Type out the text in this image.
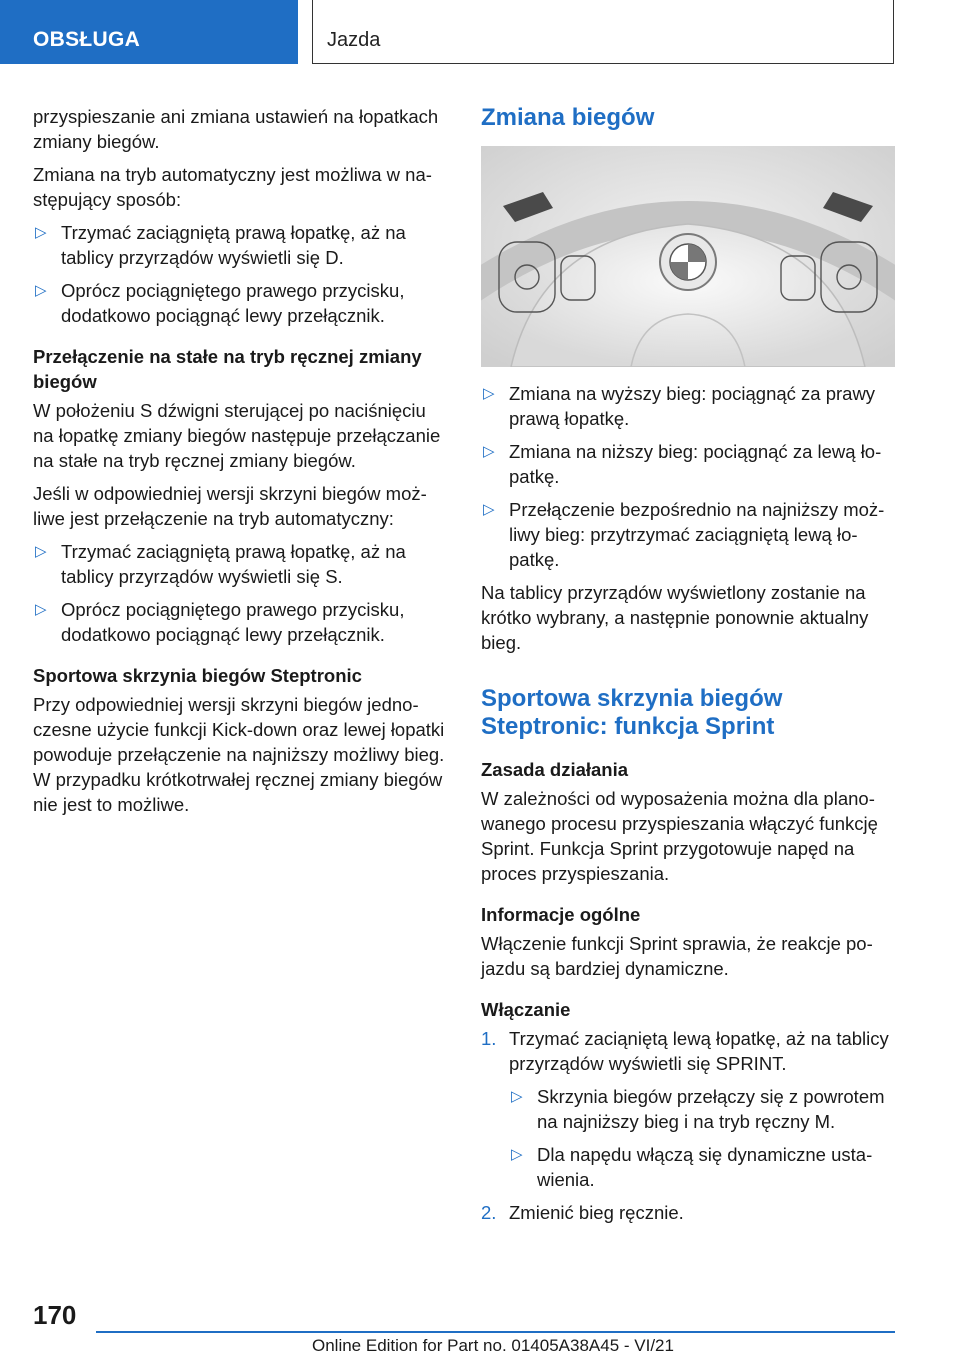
OBSŁUGA	Jazda

przyspieszanie ani zmiana ustawień na łopatkach zmiany biegów.

Zmiana na tryb automatyczny jest możliwa w następujący sposób:

▷ Trzymać zaciągniętą prawą łopatkę, aż na tablicy przyrządów wyświetli się D.
▷ Oprócz pociągniętego prawego przycisku, dodatkowo pociągnąć lewy przełącznik.
Przełączenie na stałe na tryb ręcznej zmiany biegów

W położeniu S dźwigni sterującej po naciśnięciu na łopatkę zmiany biegów następuje przełączanie na stałe na tryb ręcznej zmiany biegów.

Jeśli w odpowiedniej wersji skrzyni biegów możliwe jest przełączenie na tryb automatyczny:

▷ Trzymać zaciągniętą prawą łopatkę, aż na tablicy przyrządów wyświetli się S.
▷ Oprócz pociągniętego prawego przycisku, dodatkowo pociągnąć lewy przełącznik.
Sportowa skrzynia biegów Steptronic

Przy odpowiedniej wersji skrzyni biegów jednoczesne użycie funkcji Kick-down oraz lewej łopatki powoduje przełączenie na najniższy możliwy bieg. W przypadku krótkotrwałej ręcznej zmiany biegów nie jest to możliwe.

Zmiana biegów
▷ Zmiana na wyższy bieg: pociągnąć za prawy prawą łopatkę.
▷ Zmiana na niższy bieg: pociągnąć za lewą łopatkę.
▷ Przełączenie bezpośrednio na najniższy możliwy bieg: przytrzymać zaciągniętą lewą łopatkę.

Na tablicy przyrządów wyświetlony zostanie na krótko wybrany, a następnie ponownie aktualny bieg.

Sportowa skrzynia biegów Steptronic: funkcja Sprint
Zasada działania

W zależności od wyposażenia można dla planowanego procesu przyspieszania włączyć funkcję Sprint. Funkcja Sprint przygotowuje napęd na proces przyspieszania.

Informacje ogólne

Włączenie funkcji Sprint sprawia, że reakcje pojazdu są bardziej dynamiczne.

Włączanie
1. Trzymać zaciąniętą lewą łopatkę, aż na tablicy przyrządów wyświetli się SPRINT.
▷ Skrzynia biegów przełączy się z powrotem na najniższy bieg i na tryb ręczny M.
▷ Dla napędu włączą się dynamiczne ustawienia.
2. Zmienić bieg ręcznie.
170
Online Edition for Part no. 01405A38A45 - VI/21
